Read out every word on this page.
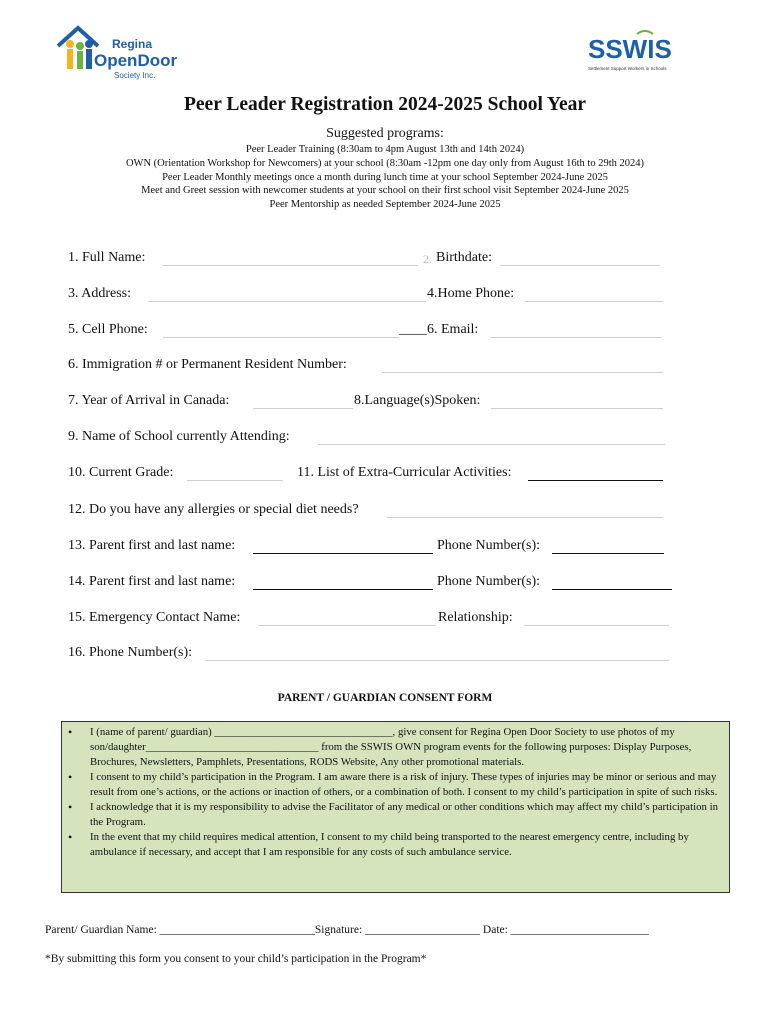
Regina
OpenDoor
Society Inc.
SSWIS
Settlement Support Workers in Schools
Peer Leader Registration 2024-2025 School Year
Suggested programs:
Peer Leader Training (8:30am to 4pm August 13th and 14th 2024)
OWN (Orientation Workshop for Newcomers) at your school (8:30am -12pm one day only from August 16th to 29th 2024)
Peer Leader Monthly meetings once a month during lunch time at your school September 2024-June 2025
Meet and Greet session with newcomer students at your school on their first school visit September 2024-June 2025
Peer Mentorship as needed September 2024-June 2025
1. Full Name:	2. Birthdate:
3. Address:	4.Home Phone:
5. Cell Phone:	____6. Email:
6. Immigration # or Permanent Resident Number:
7. Year of Arrival in Canada:	8.Language(s)Spoken:
9. Name of School currently Attending:
10. Current Grade:	11. List of Extra-Curricular Activities:
12. Do you have any allergies or special diet needs?
13. Parent first and last name:	Phone Number(s):
14. Parent first and last name:	Phone Number(s):
15. Emergency Contact Name:	Relationship:
16. Phone Number(s):
PARENT / GUARDIAN CONSENT FORM
• I (name of parent/ guardian) _________________________________, give consent for Regina Open Door Society to use photos of my son/daughter________________________________ from the SSWIS OWN program events for the following purposes: Display Purposes, Brochures, Newsletters, Pamphlets, Presentations, RODS Website, Any other promotional materials.
• I consent to my child’s participation in the Program. I am aware there is a risk of injury. These types of injuries may be minor or serious and may result from one’s actions, or the actions or inaction of others, or a combination of both. I consent to my child’s participation in spite of such risks.
• I acknowledge that it is my responsibility to advise the Facilitator of any medical or other conditions which may affect my child’s participation in the Program.
• In the event that my child requires medical attention, I consent to my child being transported to the nearest emergency centre, including by ambulance if necessary, and accept that I am responsible for any costs of such ambulance service.
Parent/ Guardian Name: ___________________________Signature: ____________________ Date: ________________________
*By submitting this form you consent to your child’s participation in the Program*
